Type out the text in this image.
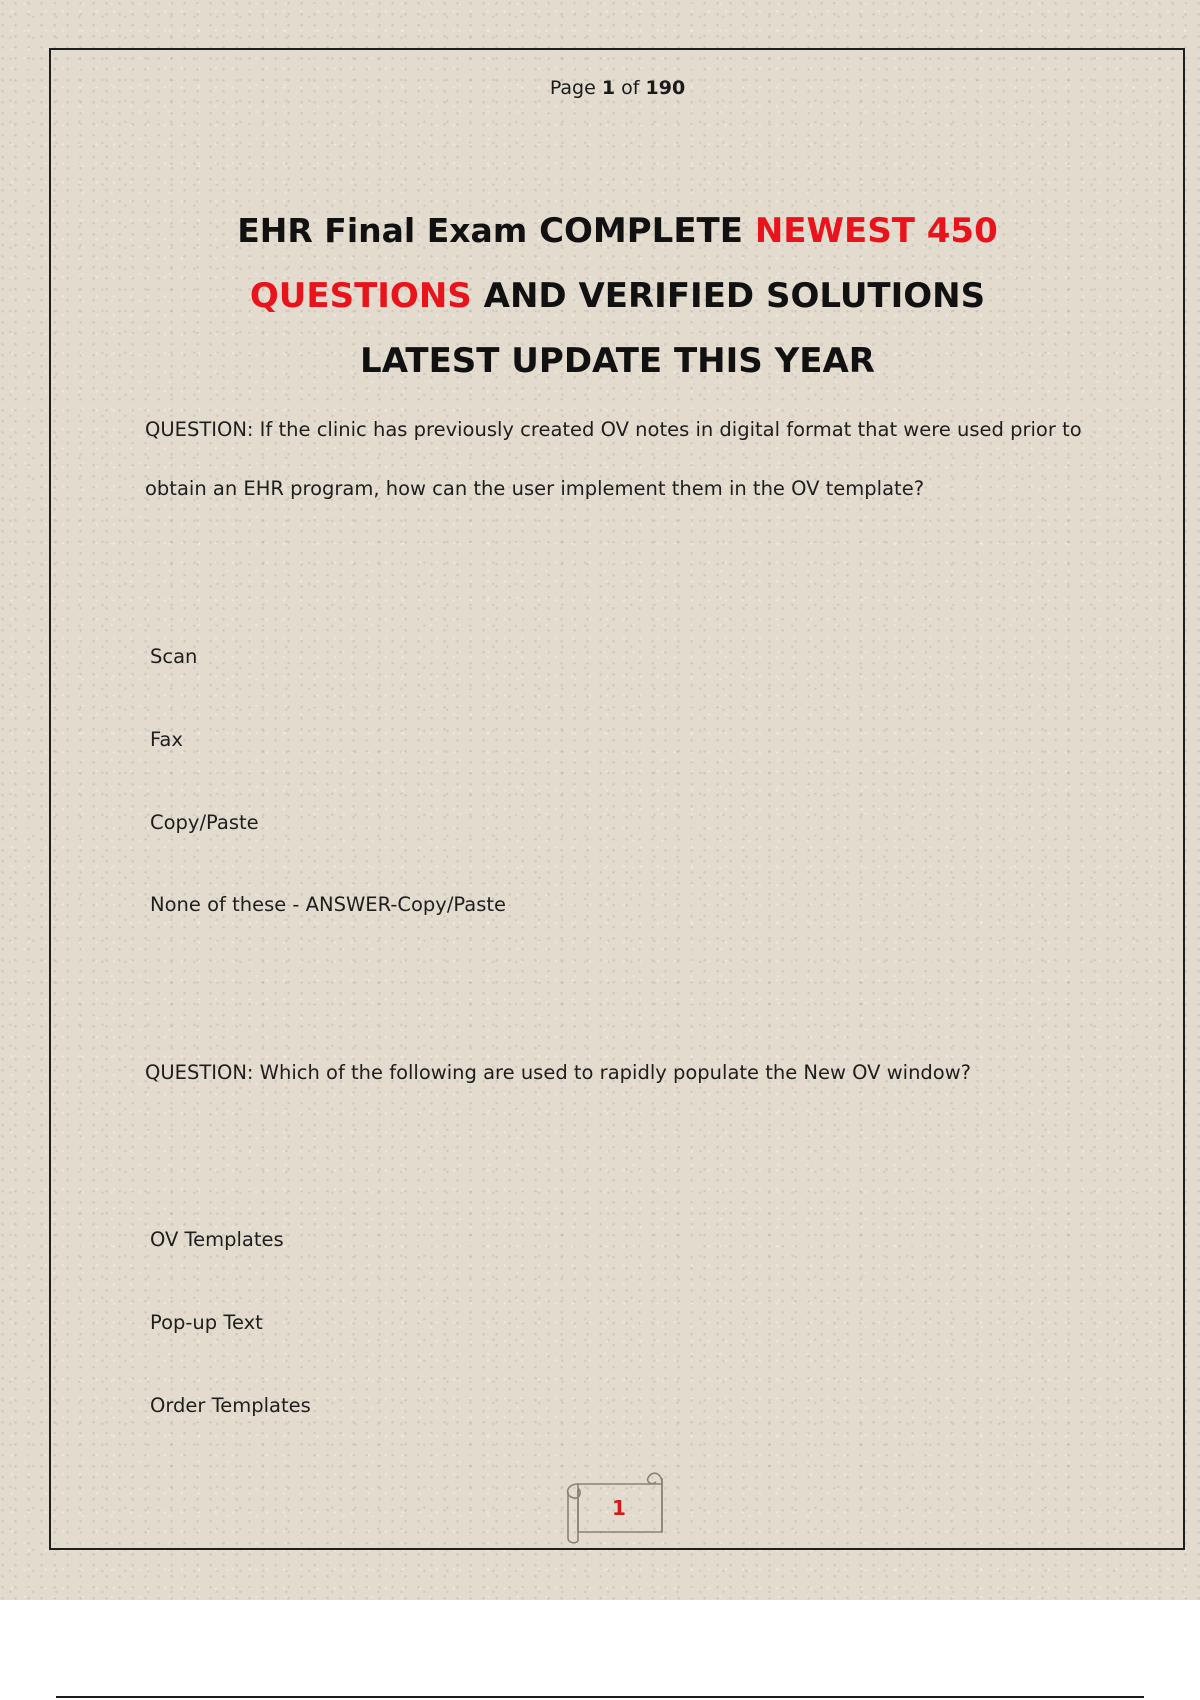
Page 1 of 190
EHR Final Exam COMPLETE NEWEST 450
QUESTIONS AND VERIFIED SOLUTIONS
LATEST UPDATE THIS YEAR
QUESTION: If the clinic has previously created OV notes in digital format that were used prior to
obtain an EHR program, how can the user implement them in the OV template?
Scan
Fax
Copy/Paste
None of these - ANSWER-Copy/Paste
QUESTION: Which of the following are used to rapidly populate the New OV window?
OV Templates
Pop-up Text
Order Templates
1
